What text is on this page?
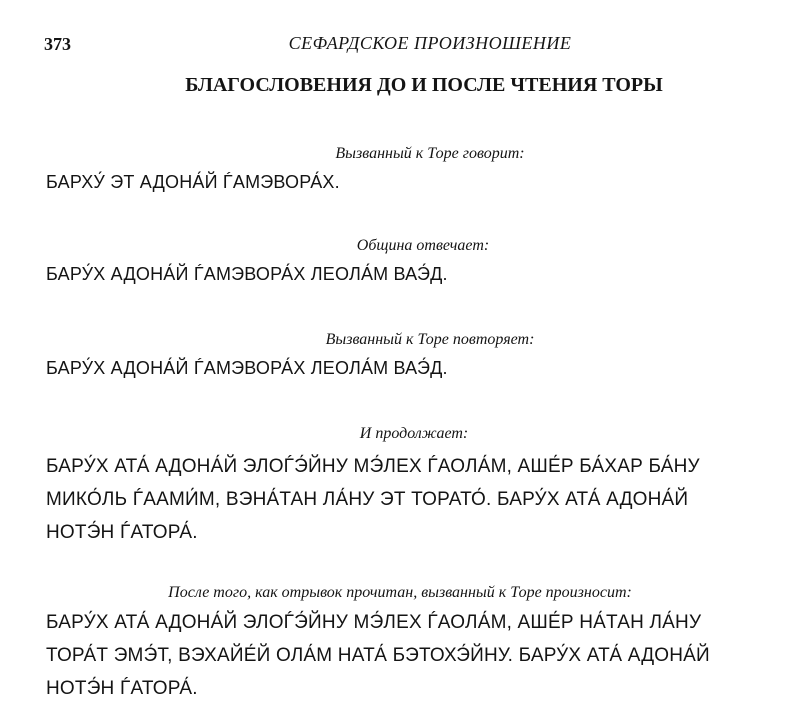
373	СЕФАРДСКОЕ ПРОИЗНОШЕНИЕ
БЛАГОСЛОВЕНИЯ ДО И ПОСЛЕ ЧТЕНИЯ ТОРЫ
Вызванный к Торе говорит:

БАРХУ́ ЭТ АДОНА́Й ЃАМЭВОРА́Х.

Община отвечает:

БАРУ́Х АДОНА́Й ЃАМЭВОРА́Х ЛЕОЛА́М ВАЭ́Д.

Вызванный к Торе повторяет:

БАРУ́Х АДОНА́Й ЃАМЭВОРА́Х ЛЕОЛА́М ВАЭ́Д.

И продолжает:

БАРУ́Х АТА́ АДОНА́Й ЭЛОЃЭ́ЙНУ МЭ́ЛЕХ ЃАОЛА́М, АШЕ́Р БА́ХАР БА́НУ
МИКО́ЛЬ ЃААМИ́М, ВЭНА́ТАН ЛА́НУ ЭТ ТОРАТО́. БАРУ́Х АТА́ АДОНА́Й
НОТЭ́Н ЃАТОРА́.

После того, как отрывок прочитан, вызванный к Торе произносит:

БАРУ́Х АТА́ АДОНА́Й ЭЛОЃЭ́ЙНУ МЭ́ЛЕХ ЃАОЛА́М, АШЕ́Р НА́ТАН ЛА́НУ
ТОРА́Т ЭМЭ́Т, ВЭХАЙЕ́Й ОЛА́М НАТА́ БЭТОХЭ́ЙНУ. БАРУ́Х АТА́ АДОНА́Й
НОТЭ́Н ЃАТОРА́.
